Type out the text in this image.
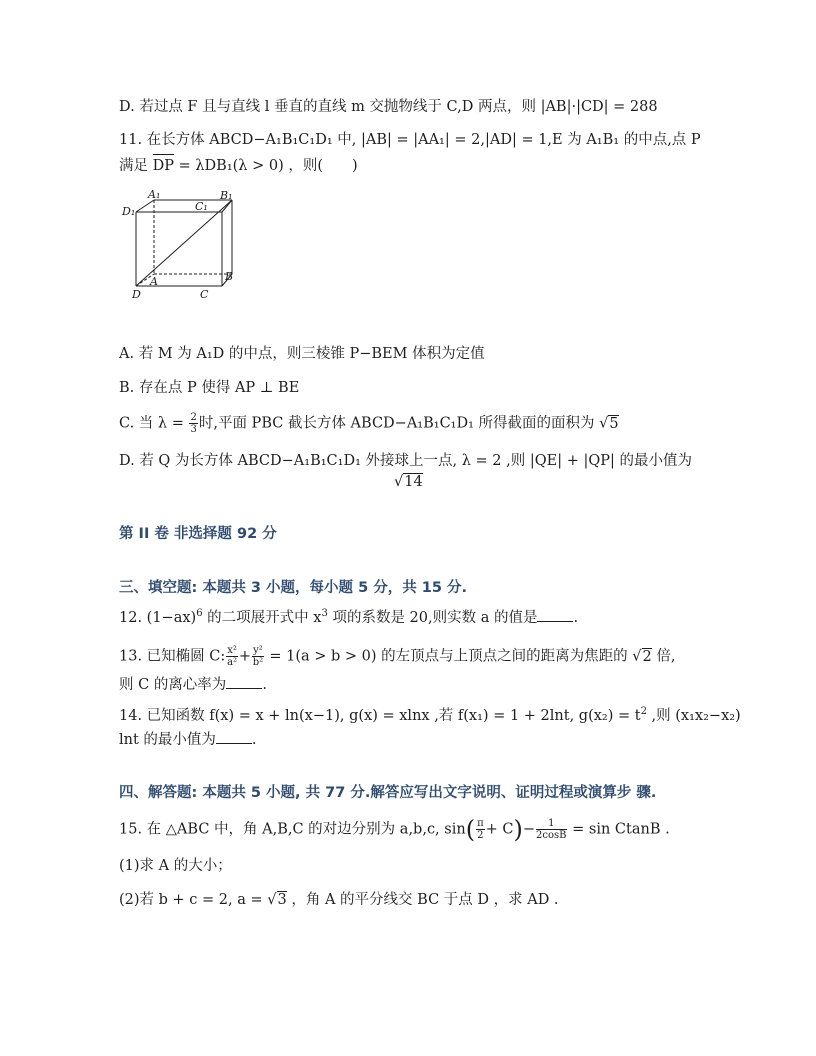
D. 若过点 F 且与直线 l 垂直的直线 m 交抛物线于 C,D 两点，则 |AB|·|CD| = 288
11. 在长方体 ABCD−A₁B₁C₁D₁ 中, |AB| = |AA₁| = 2,|AD| = 1,E 为 A₁B₁ 的中点,点 P
满足 DP = λDB₁(λ > 0) ，则(　　)
A₁	B₁
C₁
D₁
A	B
C
D
A. 若 M 为 A₁D 的中点，则三棱锥 P−BEM 体积为定值
B. 存在点 P 使得 AP ⊥ BE
C. 当 $\lambda = \frac{2}{3}$ 时,平面 PBC 截长方体 ABCD−A₁B₁C₁D₁ 所得截面的面积为 √5
D. 若 Q 为长方体 ABCD−A₁B₁C₁D₁ 外接球上一点, λ = 2 ,则 |QE| + |QP| 的最小值为
√14
第 II 卷 非选择题 92 分
三、填空题: 本题共 3 小题，每小题 5 分，共 15 分.
12. $(1-ax)^6$ 的二项展开式中 $x^3$ 项的系数是 20,则实数 a 的值是 .
13. 已知椭圆 C: $\frac{\text{x²}}{\text{a²}} + \frac{\text{y²}}{\text{b²}} = 1(a > b > 0)$ 的左顶点与上顶点之间的距离为焦距的 √2 倍,
则 C 的离心率为 .
14. 已知函数 f(x) = x + ln(x−1), g(x) = xlnx ,若 f(x₁) = 1 + 2lnt, $g(x_2) = t^2$ ,则 (x₁x₂−x₂)
lnt 的最小值为 .
四、解答题: 本题共 5 小题, 共 77 分.解答应写出文字说明、证明过程或演算步 骤.
15. 在 △ABC 中，角 A,B,C 的对边分别为 a,b,c, $\sin( \frac{\pi}{2} + C)- \frac{1}{2\cos B} = \sin CtanB$ .
(1)求 A 的大小；
(2)若 b + c = 2, a = √3 ，角 A 的平分线交 BC 于点 D ，求 AD .
